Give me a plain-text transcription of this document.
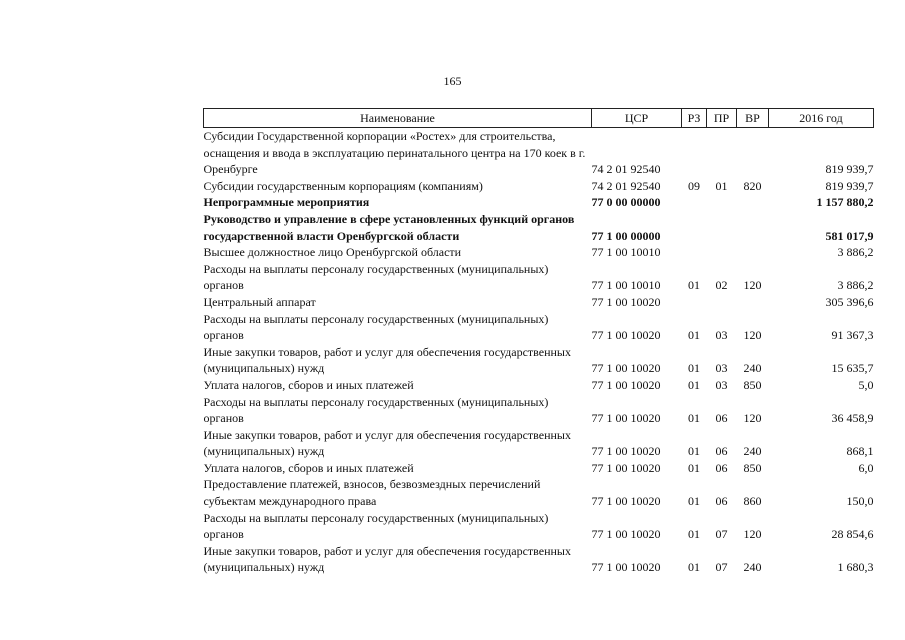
165
Наименование	ЦСР	РЗ	ПР	ВР	2016 год
Субсидии Государственной корпорации «Ростех» для строительства, оснащения и ввода в эксплуатацию перинатального центра на 170 коек в г. Оренбурге	74 2 01 92540				819 939,7
Субсидии государственным корпорациям (компаниям)	74 2 01 92540	09	01	820	819 939,7
Непрограммные мероприятия	77 0 00 00000				1 157 880,2
Руководство и управление в сфере установленных функций органов государственной власти Оренбургской области	77 1 00 00000				581 017,9
Высшее должностное лицо Оренбургской области	77 1 00 10010				3 886,2
Расходы на выплаты персоналу государственных (муниципальных) органов	77 1 00 10010	01	02	120	3 886,2
Центральный аппарат	77 1 00 10020				305 396,6
Расходы на выплаты персоналу государственных (муниципальных) органов	77 1 00 10020	01	03	120	91 367,3
Иные закупки товаров, работ и услуг для обеспечения государственных (муниципальных) нужд	77 1 00 10020	01	03	240	15 635,7
Уплата налогов, сборов и иных платежей	77 1 00 10020	01	03	850	5,0
Расходы на выплаты персоналу государственных (муниципальных) органов	77 1 00 10020	01	06	120	36 458,9
Иные закупки товаров, работ и услуг для обеспечения государственных (муниципальных) нужд	77 1 00 10020	01	06	240	868,1
Уплата налогов, сборов и иных платежей	77 1 00 10020	01	06	850	6,0
Предоставление платежей, взносов, безвозмездных перечислений субъектам международного права	77 1 00 10020	01	06	860	150,0
Расходы на выплаты персоналу государственных (муниципальных) органов	77 1 00 10020	01	07	120	28 854,6
Иные закупки товаров, работ и услуг для обеспечения государственных (муниципальных) нужд	77 1 00 10020	01	07	240	1 680,3
